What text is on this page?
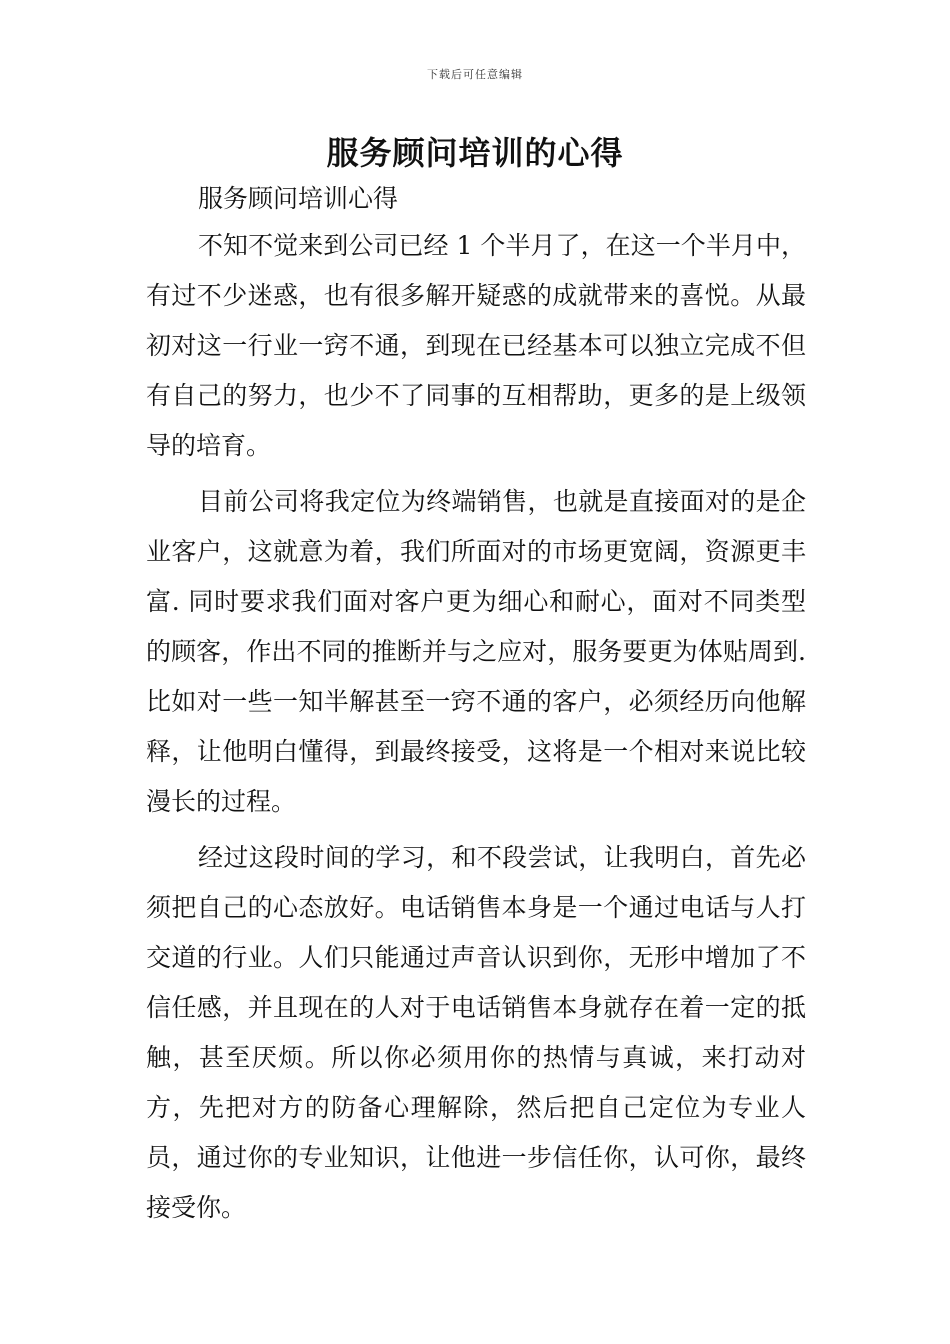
下载后可任意编辑
服务顾问培训的心得

服务顾问培训心得

不知不觉来到公司已经 1 个半月了，在这一个半月中，有过不少迷惑，也有很多解开疑惑的成就带来的喜悦。从最初对这一行业一窍不通，到现在已经基本可以独立完成不但有自己的努力，也少不了同事的互相帮助，更多的是上级领导的培育。

目前公司将我定位为终端销售，也就是直接面对的是企业客户，这就意为着，我们所面对的市场更宽阔，资源更丰富. 同时要求我们面对客户更为细心和耐心，面对不同类型的顾客，作出不同的推断并与之应对，服务要更为体贴周到. 比如对一些一知半解甚至一窍不通的客户，必须经历向他解释，让他明白懂得，到最终接受，这将是一个相对来说比较漫长的过程。

经过这段时间的学习，和不段尝试，让我明白，首先必须把自己的心态放好。电话销售本身是一个通过电话与人打交道的行业。人们只能通过声音认识到你，无形中增加了不信任感，并且现在的人对于电话销售本身就存在着一定的抵触，甚至厌烦。所以你必须用你的热情与真诚，来打动对方，先把对方的防备心理解除，然后把自己定位为专业人员，通过你的专业知识，让他进一步信任你，认可你，最终接受你。
